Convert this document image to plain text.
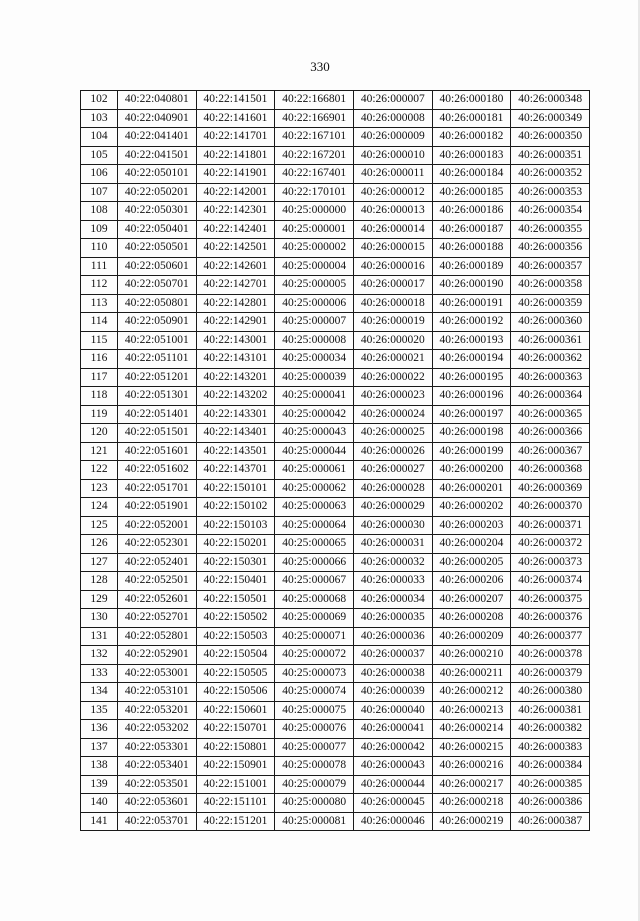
330
102	40:22:040801	40:22:141501	40:22:166801	40:26:000007	40:26:000180	40:26:000348
103	40:22:040901	40:22:141601	40:22:166901	40:26:000008	40:26:000181	40:26:000349
104	40:22:041401	40:22:141701	40:22:167101	40:26:000009	40:26:000182	40:26:000350
105	40:22:041501	40:22:141801	40:22:167201	40:26:000010	40:26:000183	40:26:000351
106	40:22:050101	40:22:141901	40:22:167401	40:26:000011	40:26:000184	40:26:000352
107	40:22:050201	40:22:142001	40:22:170101	40:26:000012	40:26:000185	40:26:000353
108	40:22:050301	40:22:142301	40:25:000000	40:26:000013	40:26:000186	40:26:000354
109	40:22:050401	40:22:142401	40:25:000001	40:26:000014	40:26:000187	40:26:000355
110	40:22:050501	40:22:142501	40:25:000002	40:26:000015	40:26:000188	40:26:000356
111	40:22:050601	40:22:142601	40:25:000004	40:26:000016	40:26:000189	40:26:000357
112	40:22:050701	40:22:142701	40:25:000005	40:26:000017	40:26:000190	40:26:000358
113	40:22:050801	40:22:142801	40:25:000006	40:26:000018	40:26:000191	40:26:000359
114	40:22:050901	40:22:142901	40:25:000007	40:26:000019	40:26:000192	40:26:000360
115	40:22:051001	40:22:143001	40:25:000008	40:26:000020	40:26:000193	40:26:000361
116	40:22:051101	40:22:143101	40:25:000034	40:26:000021	40:26:000194	40:26:000362
117	40:22:051201	40:22:143201	40:25:000039	40:26:000022	40:26:000195	40:26:000363
118	40:22:051301	40:22:143202	40:25:000041	40:26:000023	40:26:000196	40:26:000364
119	40:22:051401	40:22:143301	40:25:000042	40:26:000024	40:26:000197	40:26:000365
120	40:22:051501	40:22:143401	40:25:000043	40:26:000025	40:26:000198	40:26:000366
121	40:22:051601	40:22:143501	40:25:000044	40:26:000026	40:26:000199	40:26:000367
122	40:22:051602	40:22:143701	40:25:000061	40:26:000027	40:26:000200	40:26:000368
123	40:22:051701	40:22:150101	40:25:000062	40:26:000028	40:26:000201	40:26:000369
124	40:22:051901	40:22:150102	40:25:000063	40:26:000029	40:26:000202	40:26:000370
125	40:22:052001	40:22:150103	40:25:000064	40:26:000030	40:26:000203	40:26:000371
126	40:22:052301	40:22:150201	40:25:000065	40:26:000031	40:26:000204	40:26:000372
127	40:22:052401	40:22:150301	40:25:000066	40:26:000032	40:26:000205	40:26:000373
128	40:22:052501	40:22:150401	40:25:000067	40:26:000033	40:26:000206	40:26:000374
129	40:22:052601	40:22:150501	40:25:000068	40:26:000034	40:26:000207	40:26:000375
130	40:22:052701	40:22:150502	40:25:000069	40:26:000035	40:26:000208	40:26:000376
131	40:22:052801	40:22:150503	40:25:000071	40:26:000036	40:26:000209	40:26:000377
132	40:22:052901	40:22:150504	40:25:000072	40:26:000037	40:26:000210	40:26:000378
133	40:22:053001	40:22:150505	40:25:000073	40:26:000038	40:26:000211	40:26:000379
134	40:22:053101	40:22:150506	40:25:000074	40:26:000039	40:26:000212	40:26:000380
135	40:22:053201	40:22:150601	40:25:000075	40:26:000040	40:26:000213	40:26:000381
136	40:22:053202	40:22:150701	40:25:000076	40:26:000041	40:26:000214	40:26:000382
137	40:22:053301	40:22:150801	40:25:000077	40:26:000042	40:26:000215	40:26:000383
138	40:22:053401	40:22:150901	40:25:000078	40:26:000043	40:26:000216	40:26:000384
139	40:22:053501	40:22:151001	40:25:000079	40:26:000044	40:26:000217	40:26:000385
140	40:22:053601	40:22:151101	40:25:000080	40:26:000045	40:26:000218	40:26:000386
141	40:22:053701	40:22:151201	40:25:000081	40:26:000046	40:26:000219	40:26:000387
